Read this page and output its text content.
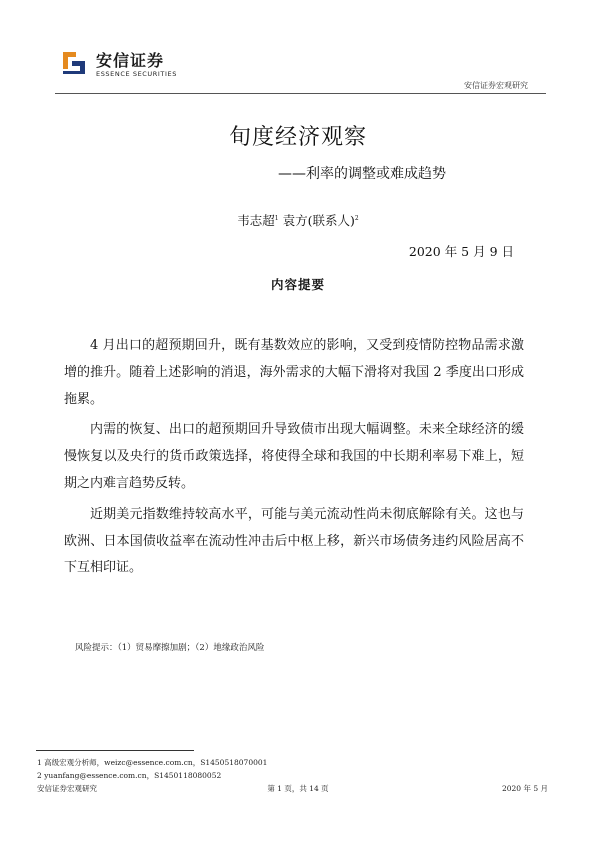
安信证券
ESSENCE SECURITIES
安信证券宏观研究
旬度经济观察
——利率的调整或难成趋势
韦志超$^1$ 袁方(联系人)$^2$
2020 年 5 月 9 日
内容提要

4 月出口的超预期回升，既有基数效应的影响，又受到疫情防控物品需求激增的推升。随着上述影响的消退，海外需求的大幅下滑将对我国 2 季度出口形成拖累。

内需的恢复、出口的超预期回升导致债市出现大幅调整。未来全球经济的缓慢恢复以及央行的货币政策选择，将使得全球和我国的中长期利率易下难上，短期之内难言趋势反转。

近期美元指数维持较高水平，可能与美元流动性尚未彻底解除有关。这也与欧洲、日本国债收益率在流动性冲击后中枢上移，新兴市场债务违约风险居高不下互相印证。

风险提示：（1）贸易摩擦加剧；（2）地缘政治风险
1 高级宏观分析师，weizc@essence.com.cn，S1450518070001
2 yuanfang@essence.com.cn，S1450118080052
安信证券宏观研究	第 1 页，共 14 页	2020 年 5 月
